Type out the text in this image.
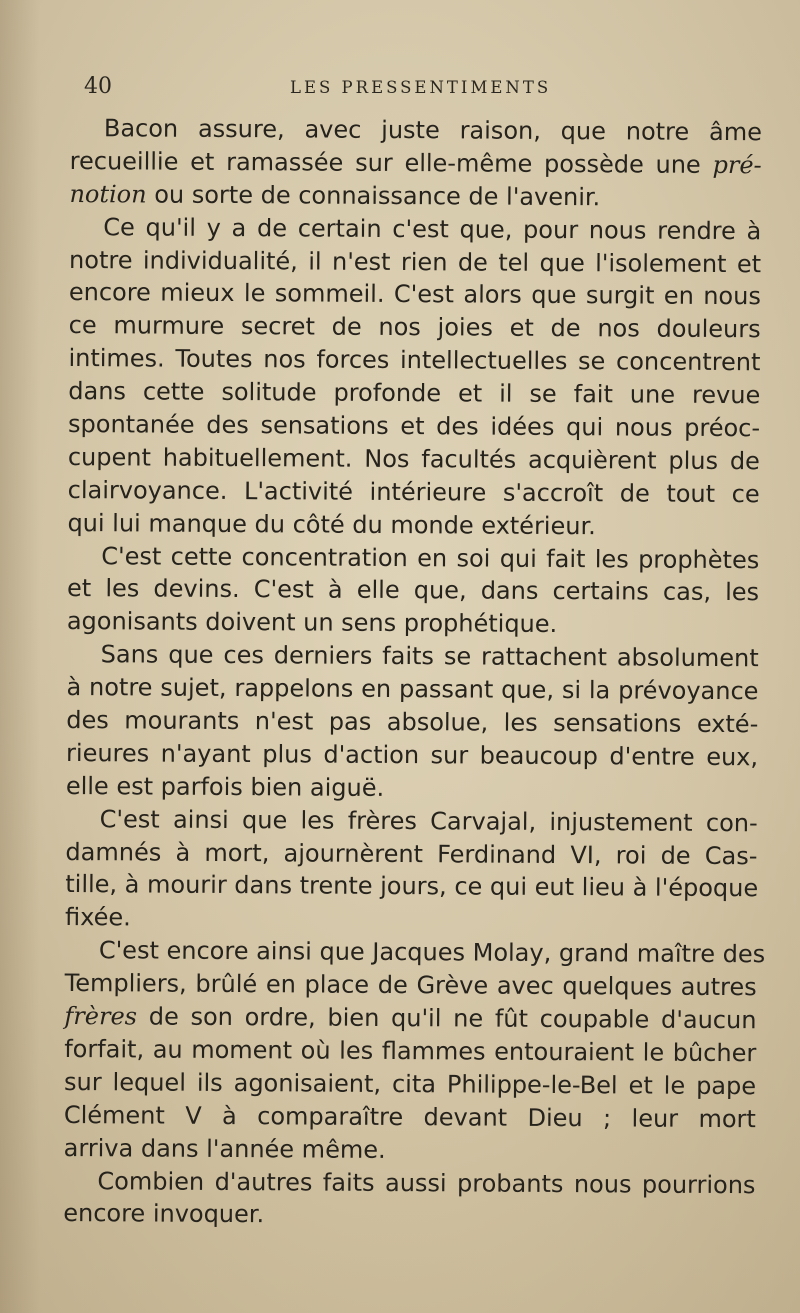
40	LES PRESSENTIMENTS
Bacon assure, avec juste raison, que notre âme
recueillie et ramassée sur elle-même possède une pré-
notion ou sorte de connaissance de l'avenir.
Ce qu'il y a de certain c'est que, pour nous rendre à
notre individualité, il n'est rien de tel que l'isolement et
encore mieux le sommeil. C'est alors que surgit en nous
ce murmure secret de nos joies et de nos douleurs
intimes. Toutes nos forces intellectuelles se concentrent
dans cette solitude profonde et il se fait une revue
spontanée des sensations et des idées qui nous préoc-
cupent habituellement. Nos facultés acquièrent plus de
clairvoyance. L'activité intérieure s'accroît de tout ce
qui lui manque du côté du monde extérieur.
C'est cette concentration en soi qui fait les prophètes
et les devins. C'est à elle que, dans certains cas, les
agonisants doivent un sens prophétique.
Sans que ces derniers faits se rattachent absolument
à notre sujet, rappelons en passant que, si la prévoyance
des mourants n'est pas absolue, les sensations exté-
rieures n'ayant plus d'action sur beaucoup d'entre eux,
elle est parfois bien aiguë.
C'est ainsi que les frères Carvajal, injustement con-
damnés à mort, ajournèrent Ferdinand VI, roi de Cas-
tille, à mourir dans trente jours, ce qui eut lieu à l'époque
fixée.
C'est encore ainsi que Jacques Molay, grand maître des
Templiers, brûlé en place de Grève avec quelques autres
frères de son ordre, bien qu'il ne fût coupable d'aucun
forfait, au moment où les flammes entouraient le bûcher
sur lequel ils agonisaient, cita Philippe-le-Bel et le pape
Clément V à comparaître devant Dieu ; leur mort
arriva dans l'année même.
Combien d'autres faits aussi probants nous pourrions
encore invoquer.
